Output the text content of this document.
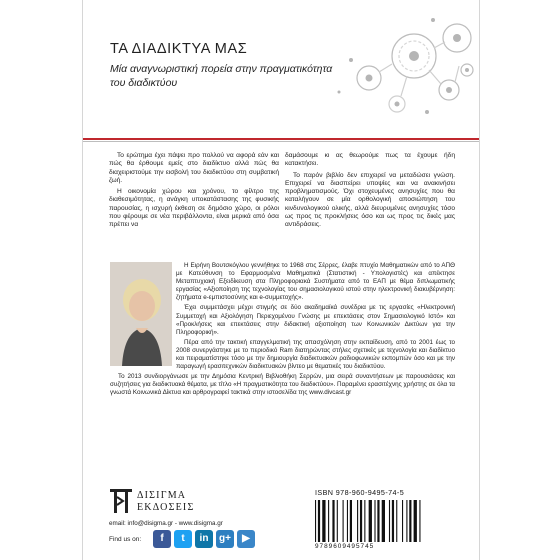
ΤΑ ΔΙΑΔΙΚΤΥΑ ΜΑΣ
Μία αναγνωριστική πορεία στην πραγματικότητα του διαδικτύου

Το ερώτημα έχει πάψει προ πολλού να αφορά εάν και πώς θα έρθουμε εμείς στο διαδίκτυο αλλά πώς θα διαχειριστούμε την εισβολή του διαδικτύου στη συμβατική ζωή.

Η οικονομία χώρου και χρόνου, το φίλτρο της διαθεσιμότητας, η ανάγκη υποκατάστασης της φυσικής παρουσίας, η ισχυρή έκθεση σε δημόσιο χώρο, οι ρόλοι που φέρουμε σε νέα περιβάλλοντα, είναι μερικά από όσα πρέπει να

δαμάσουμε κι ας θεωρούμε πως τα έχουμε ήδη κατακτήσει.

Το παρόν βιβλίο δεν επιχειρεί να μεταδώσει γνώση. Επιχειρεί να διασπείρει υποψίες και να ανακινήσει προβληματισμούς. Όχι στοχευμένες ανησυχίες που θα καταλήγουν σε μία ορθολογική αποσιώπηση του κινδυνολογικού ολικής, αλλά διευρυμένες ανησυχίες τόσο ως προς τις προκλήσεις όσο και ως προς τις δικές μας αντιδράσεις.

Η Ειρήνη Βουτσκόγλου γεννήθηκε το 1968 στις Σέρρες, έλαβε πτυχίο Μαθηματικών από το ΑΠΘ με Κατεύθυνση το Εφαρμοσμένα Μαθηματικά (Στατιστική - Υπολογιστές) και απέκτησε Μεταπτυχιακή Εξειδίκευση στα Πληροφοριακά Συστήματα από το ΕΑΠ με θέμα διπλωματικής εργασίας «Αξιοποίηση της τεχνολογίας του σημασιολογικού ιστού στην ηλεκτρονική διακυβέρνηση: ζητήματα e-εμπιστοσύνης και e-συμμετοχής».

Έχει συμμετάσχει μέχρι στιγμής σε δύο ακαδημαϊκά συνέδρια με τις εργασίες «Ηλεκτρονική Συμμετοχή και Αξιολόγηση Περιεχομένου Γνώσης με επεκτάσεις στον Σημασιολογικό Ιστό» και «Προκλήσεις και επεκτάσεις στην διδακτική αξιοποίηση των Κοινωνικών Δικτύων για την Πληροφορική».

Πέρα από την τακτική επαγγελματική της απασχόληση στην εκπαίδευση, από το 2001 έως το 2008 συνεργάστηκε με το περιοδικό Ram διατηρώντας στήλες σχετικές με τεχνολογία και διαδίκτυο και πειραματίστηκε τόσο με την δημιουργία διαδικτυακών ραδιοφωνικών εκπομπών όσο και με την παραγωγή ερασιτεχνικών διαδικτυακών βίντεο με θεματικές του διαδικτύου.

Το 2013 συνδιοργάνωσε με την Δημόσια Κεντρική Βιβλιοθήκη Σερρών, μια σειρά συναντήσεων με παρουσιάσεις και συζητήσεις για διαδικτυακά θέματα, με τίτλο «Η πραγματικότητα του διαδικτύου». Παραμένει ερασιτέχνης χρήστης σε όλα τα γνωστά Κοινωνικά Δίκτυα και αρθρογραφεί τακτικά στην ιστοσελίδα της www.divcast.gr

ΔΙΣΙΓΜΑ
ΕΚΔΟΣΕΙΣ
email: info@disigma.gr - www.disigma.gr
Find us on:	f	t	in	g+	▶
ISBN 978-960-9495-74-5
9789609495745
